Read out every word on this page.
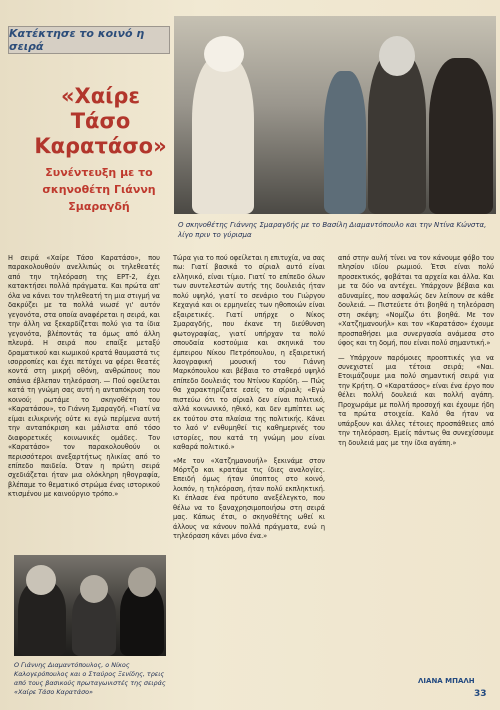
Κατέκτησε το κοινό η σειρά
«Χαίρε Τάσο Καρατάσο»
Συνέντευξη με το σκηνοθέτη Γιάννη Σμαραγδή
Ο σκηνοθέτης Γιάννης Σμαραγδής με το Βασίλη Διαμαντόπουλο και την Ντίνα Κώνστα, λίγο πριν το γύρισμα

Η σειρά «Χαίρε Τάσο Καρατάσο», που παρακολουθούν ανελλιπώς οι τηλεθεατές από την τηλεόραση της ΕΡΤ-2, έχει κατακτήσει πολλά πράγματα. Και πρώτα απ' όλα να κάνει τον τηλεθεατή τη μια στιγμή να δακρύζει με τα πολλά νιωσέ γι' αυτόν γεγονότα, στα οποία αναφέρεται η σειρά, και την άλλη να ξεκαρδίζεται πολύ για τα ίδια γεγονότα, βλέποντάς τα όμως από άλλη πλευρά. Η σειρά που επαίξε μεταξύ δραματικού και κωμικού κρατά θαυμαστά τις ισορροπίες και έχει πετύχει να φέρει θεατές κοντά στη μικρή οθόνη, ανθρώπους που σπάνια έβλεπαν τηλεόραση. — Πού οφείλεται κατά τη γνώμη σας αυτή η ανταπόκριση του κοινού; ρωτάμε το σκηνοθέτη του «Καρατάσου», το Γιάννη Σμαραγδή. «Γιατί να είμαι ειλικρινής ούτε κι εγώ περίμενα αυτή την ανταπόκριση και μάλιστα από τόσο διαφορετικές κοινωνικές ομάδες. Τον «Καρατάσο» τον παρακολουθούν οι περισσότεροι ανεξαρτήτως ηλικίας από το επίπεδο παιδεία. Όταν η πρώτη σειρά σχεδιάζεται ήταν μια ολόκληρη ηθογραφία, βλέπαμε το θεματικό στρώμα ένας ιστορικού κτισμένου με καινούργιο τρόπο.»

Τώρα για το πού οφείλεται η επιτυχία, να σας πω: Γιατί βασικά το σίριαλ αυτό είναι ελληνικό, είναι τίμιο. Γιατί το επίπεδο όλων των συντελεστών αυτής της δουλειάς ήταν πολύ υψηλό, γιατί το σενάριο του Γιώργου Κεχαγιά και οι ερμηνείες των ηθοποιών είναι εξαιρετικές. Γιατί υπήρχε ο Νίκος Σμαραγδής, που έκανε τη διεύθυνση φωτογραφίας, γιατί υπήρχαν τα πολύ σπουδαία κοστούμια και σκηνικά του έμπειρου Νίκου Πετρόπουλου, η εξαιρετική λαογραφική μουσική του Γιάννη Μαρκόπουλου και βέβαια το σταθερό υψηλό επίπεδο δουλειάς του Ντίνου Καρύδη. — Πώς θα χαρακτηρίζατε εσείς το σίριαλ; «Εγώ πιστεύω ότι το σίριαλ δεν είναι πολιτικό, αλλά κοινωνικό, ηθικό, και δεν εμπίπτει ως εκ τούτου στα πλαίσια της πολιτικής. Κάνει το λαό ν' ενθυμηθεί τις καθημερινές του ιστορίες, που κατά τη γνώμη μου είναι καθαρά πολιτικό.»

«Με τον «Χατζημανουήλ» ξεκινάμε στον Μόρτζο και κρατάμε τις ίδιες αναλογίες. Επειδή όμως ήταν ύποπτος στο κοινό, λοιπόν, η τηλεόραση, ήταν πολύ εκπληκτική. Κι έπλασε ένα πρότυπο ανεξέλεγκτο, που θέλω να το ξαναχρησιμοποιήσω στη σειρά μας. Κάπως έτσι, ο σκηνοθέτης ωθεί κι άλλους να κάνουν πολλά πράγματα, ενώ η τηλεόραση κάνει μόνο ένα.»

από στην αυλή τίνει να τον κάνουμε φόβο του πλησίον ιδίου ρωμιού. Έτσι είναι πολύ προσεκτικός, φοβάται τα αρχεία και άλλα. Και με τα δύο να αντέχει. Υπάρχουν βέβαια και αδυναμίες, που ασφαλώς δεν λείπουν σε κάθε δουλειά. — Πιστεύετε ότι βοηθά η τηλεόραση στη σκέψη; «Νομίζω ότι βοηθά. Με τον «Χατζημανουήλ» και τον «Καρατάσο» έχουμε προσπαθήσει μια συνεργασία ανάμεσα στο ύφος και τη δομή, που είναι πολύ σημαντική.»

— Υπάρχουν παρόμοιες προοπτικές για να συνεχιστεί μια τέτοια σειρά; «Ναι. Ετοιμάζουμε μια πολύ σημαντική σειρά για την Κρήτη. Ο «Καρατάσος» είναι ένα έργο που θέλει πολλή δουλειά και πολλή αγάπη. Προχωράμε με πολλή προσοχή και έχουμε ήδη τα πρώτα στοιχεία. Καλό θα ήταν να υπάρξουν και άλλες τέτοιες προσπάθειες από την τηλεόραση. Εμείς πάντως θα συνεχίσουμε τη δουλειά μας με την ίδια αγάπη.»

Ο Γιάννης Διαμαντόπουλος, ο Νίκος Καλογερόπουλος και ο Σταύρος Ξενίδης, τρεις από τους βασικούς πρωταγωνιστές της σειράς «Χαίρε Τάσο Καρατάσο»
ΛΙΑΝΑ ΜΠΑΛΗ
33
